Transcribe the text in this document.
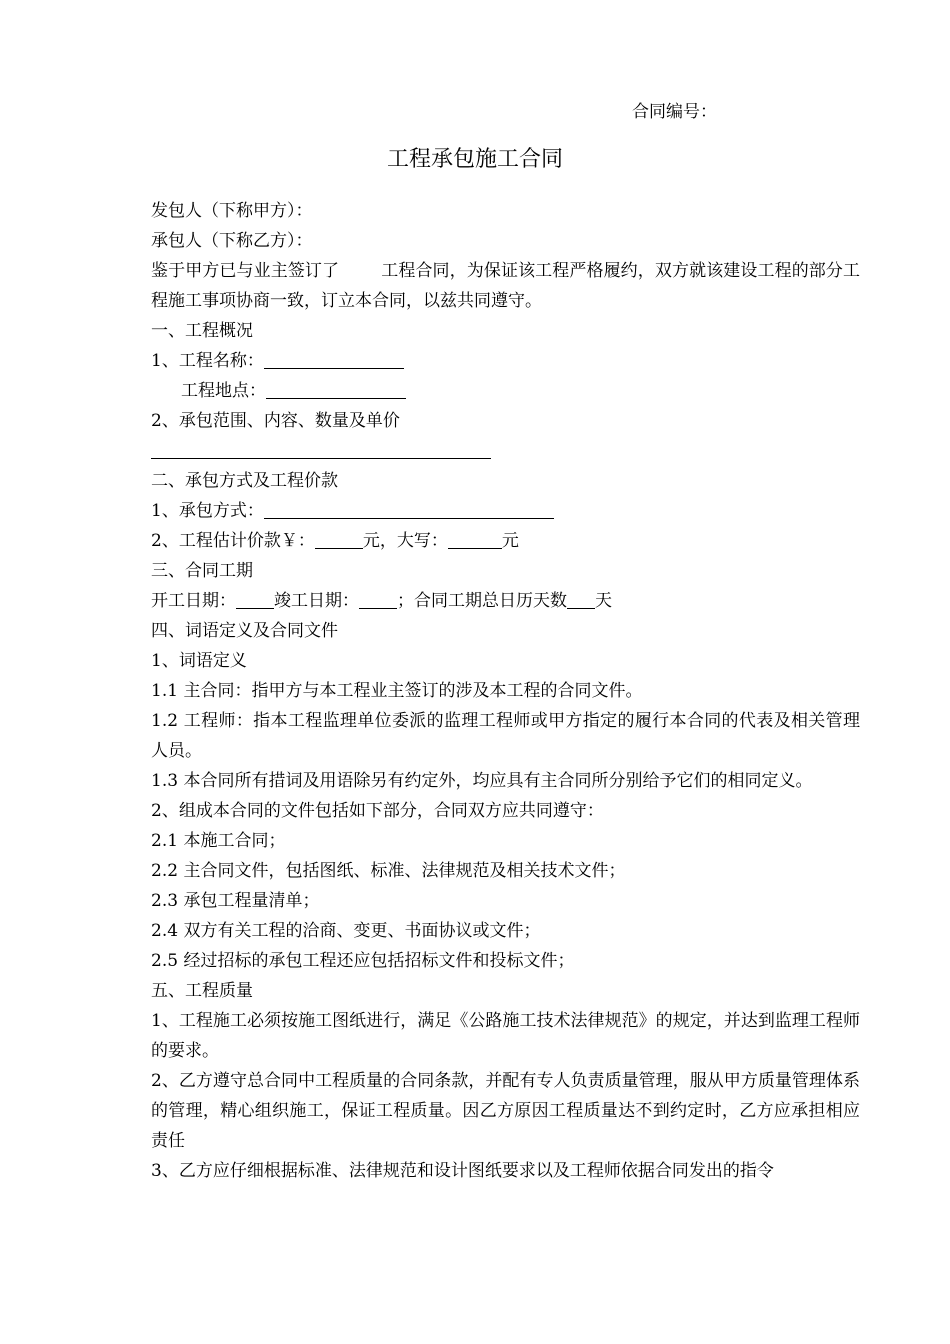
合同编号：
工程承包施工合同
发包人（下称甲方）：
承包人（下称乙方）：
鉴于甲方已与业主签订了 工程合同，为保证该工程严格履约，双方就该建设工程的部分工程施工事项协商一致，订立本合同，以兹共同遵守。
一、工程概况
1、工程名称：
工程地点：
2、承包范围、内容、数量及单价
二、承包方式及工程价款
1、承包方式：
2、工程估计价款￥：	元，大写：	元
三、合同工期
开工日期： 竣工日期： ；合同工期总日历天数 天
四、词语定义及合同文件
1、词语定义
1.1 主合同：指甲方与本工程业主签订的涉及本工程的合同文件。
1.2 工程师：指本工程监理单位委派的监理工程师或甲方指定的履行本合同的代表及相关管理人员。
1.3 本合同所有措词及用语除另有约定外，均应具有主合同所分别给予它们的相同定义。
2、组成本合同的文件包括如下部分，合同双方应共同遵守：
2.1 本施工合同；
2.2 主合同文件，包括图纸、标准、法律规范及相关技术文件；
2.3 承包工程量清单；
2.4 双方有关工程的洽商、变更、书面协议或文件；
2.5 经过招标的承包工程还应包括招标文件和投标文件；
五、工程质量
1、工程施工必须按施工图纸进行，满足《公路施工技术法律规范》的规定，并达到监理工程师的要求。
2、乙方遵守总合同中工程质量的合同条款，并配有专人负责质量管理，服从甲方质量管理体系的管理，精心组织施工，保证工程质量。因乙方原因工程质量达不到约定时，乙方应承担相应责任
3、乙方应仔细根据标准、法律规范和设计图纸要求以及工程师依据合同发出的指令
